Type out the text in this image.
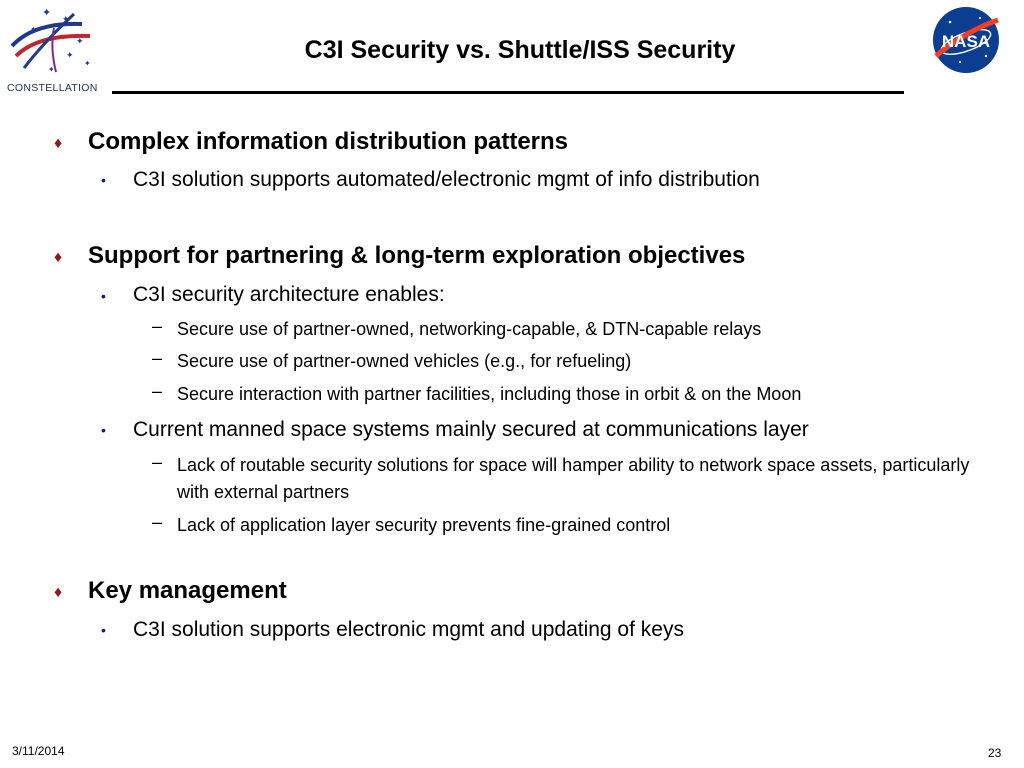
✦ ✦
✦
✦
✦
✦
✦
CONSTELLATION
C3I Security vs. Shuttle/ISS Security	NASA
♦ Complex information distribution patterns
• C3I solution supports automated/electronic mgmt of info distribution
♦ Support for partnering & long-term exploration objectives
• C3I security architecture enables:
– Secure use of partner-owned, networking-capable, & DTN-capable relays
– Secure use of partner-owned vehicles (e.g., for refueling)
– Secure interaction with partner facilities, including those in orbit & on the Moon
• Current manned space systems mainly secured at communications layer
– Lack of routable security solutions for space will hamper ability to network space assets, particularly with external partners
– Lack of application layer security prevents fine-grained control
♦ Key management
• C3I solution supports electronic mgmt and updating of keys
3/11/2014	23
